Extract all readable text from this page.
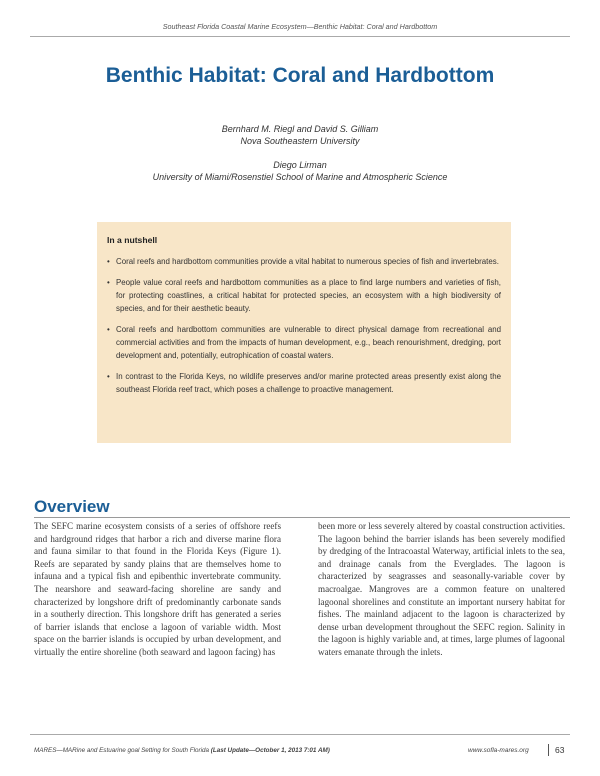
Southeast Florida Coastal Marine Ecosystem—Benthic Habitat: Coral and Hardbottom
Benthic Habitat: Coral and Hardbottom
Bernhard M. Riegl and David S. Gilliam
Nova Southeastern University
Diego Lirman
University of Miami/Rosenstiel School of Marine and Atmospheric Science
In a nutshell
• Coral reefs and hardbottom communities provide a vital habitat to numerous species of fish and invertebrates.
• People value coral reefs and hardbottom communities as a place to find large numbers and varieties of fish, for protecting coastlines, a critical habitat for protected species, an ecosystem with a high biodiversity of species, and for their aesthetic beauty.
• Coral reefs and hardbottom communities are vulnerable to direct physical damage from recreational and commercial activities and from the impacts of human development, e.g., beach renourishment, dredging, port development and, potentially, eutrophication of coastal waters.
• In contrast to the Florida Keys, no wildlife preserves and/or marine protected areas presently exist along the southeast Florida reef tract, which poses a challenge to proactive management.
Overview

The SEFC marine ecosystem consists of a series of offshore reefs and hardground ridges that harbor a rich and diverse marine flora and fauna similar to that found in the Florida Keys (Figure 1). Reefs are separated by sandy plains that are themselves home to infauna and a typical fish and epibenthic invertebrate community. The nearshore and seaward-facing shoreline are sandy and characterized by longshore drift of predominantly carbonate sands in a southerly direction. This longshore drift has generated a series of barrier islands that enclose a lagoon of variable width. Most space on the barrier islands is occupied by urban development, and virtually the entire shoreline (both seaward and lagoon facing) has

been more or less severely altered by coastal construction activities. The lagoon behind the barrier islands has been severely modified by dredging of the Intracoastal Waterway, artificial inlets to the sea, and drainage canals from the Everglades. The lagoon is characterized by seagrasses and seasonally-variable cover by macroalgae. Mangroves are a common feature on unaltered lagoonal shorelines and constitute an important nursery habitat for fishes. The mainland adjacent to the lagoon is characterized by dense urban development throughout the SEFC region. Salinity in the lagoon is highly variable and, at times, large plumes of lagoonal waters emanate through the inlets.

MARES—MARine and Estuarine goal Setting for South Florida (Last Update—October 1, 2013 7:01 AM)	www.sofla-mares.org	63
